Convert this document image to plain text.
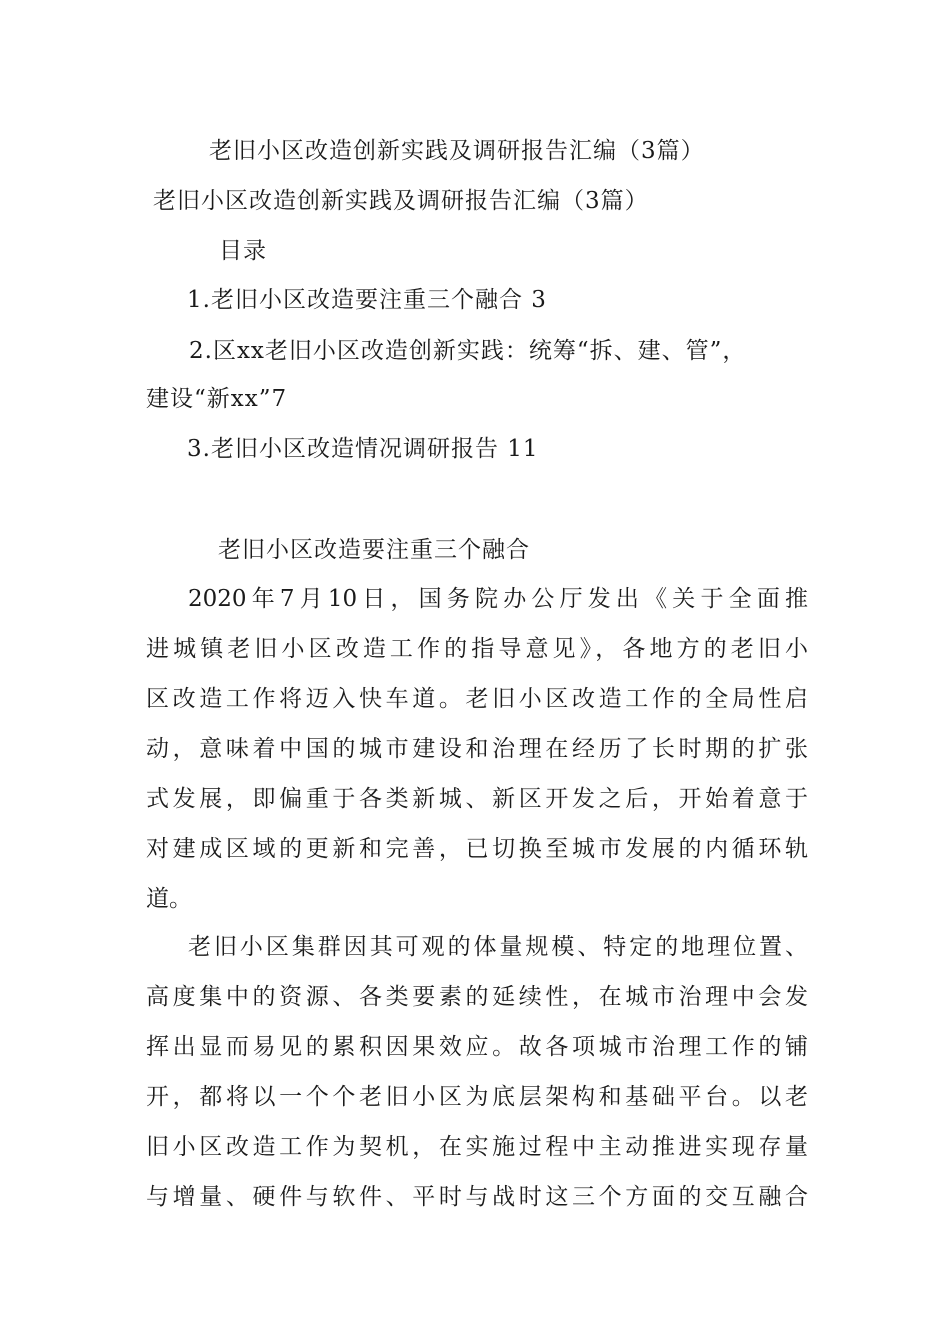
老旧小区改造创新实践及调研报告汇编（3篇）
老旧小区改造创新实践及调研报告汇编（3篇）
目录
1.老旧小区改造要注重三个融合 3
2.区xx老旧小区改造创新实践：统筹“拆、建、管”，
建设“新xx”7
3.老旧小区改造情况调研报告 11
老旧小区改造要注重三个融合
2020年7月10日，国务院办公厅发出《关于全面推
进城镇老旧小区改造工作的指导意见》，各地方的老旧小
区改造工作将迈入快车道。老旧小区改造工作的全局性启
动，意味着中国的城市建设和治理在经历了长时期的扩张
式发展，即偏重于各类新城、新区开发之后，开始着意于
对建成区域的更新和完善，已切换至城市发展的内循环轨
道。
老旧小区集群因其可观的体量规模、特定的地理位置、
高度集中的资源、各类要素的延续性，在城市治理中会发
挥出显而易见的累积因果效应。故各项城市治理工作的铺
开，都将以一个个老旧小区为底层架构和基础平台。以老
旧小区改造工作为契机，在实施过程中主动推进实现存量
与增量、硬件与软件、平时与战时这三个方面的交互融合
